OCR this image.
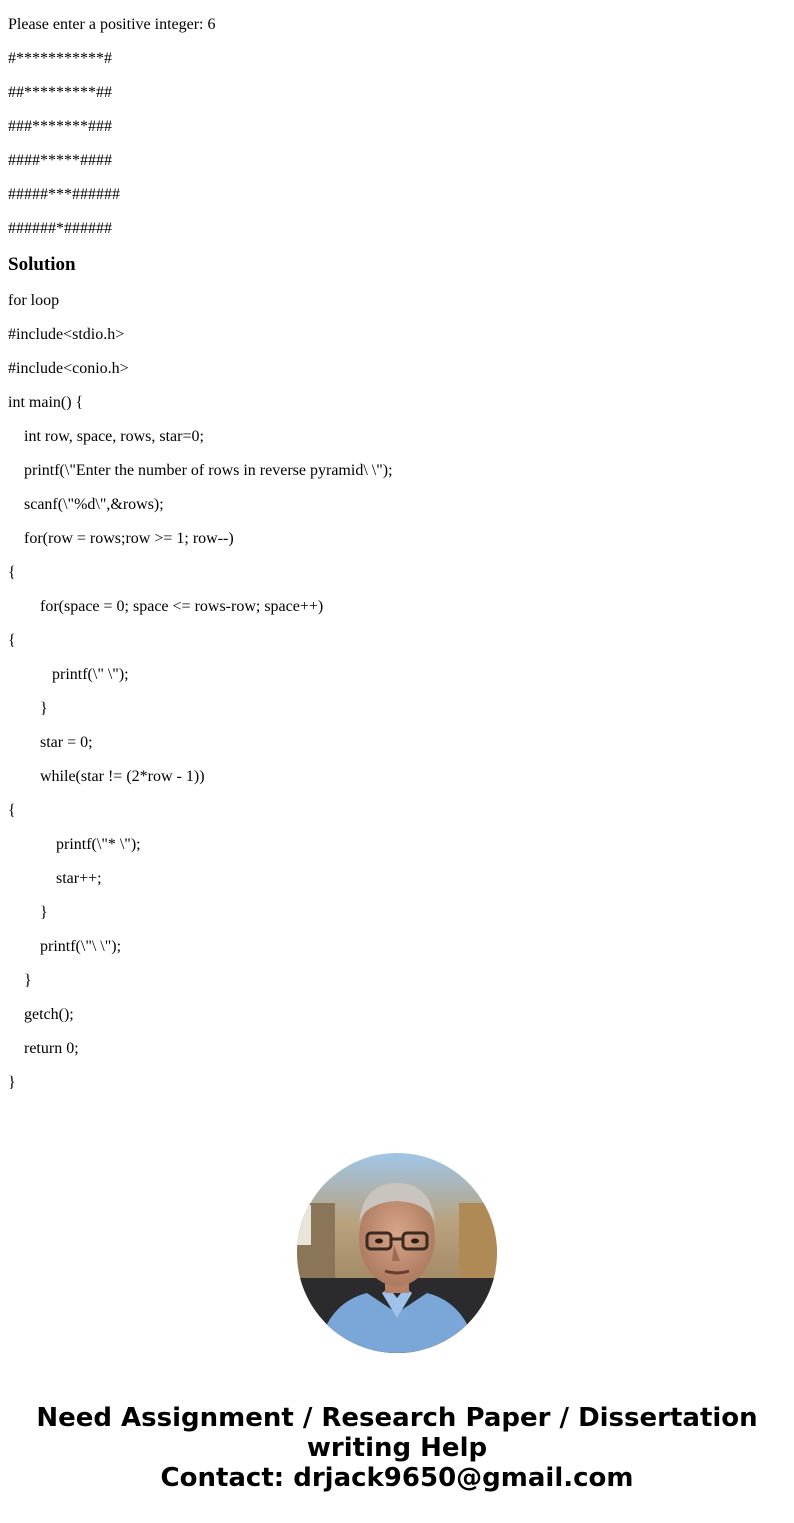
Please enter a positive integer: 6
#***********#
##*********##
###*******###
####*****####
#####***######
######*######
Solution
for loop
#include<stdio.h>
#include<conio.h>
int main() {
int row, space, rows, star=0;
printf(\"Enter the number of rows in reverse pyramid\ \");
scanf(\"%d\",&rows);
for(row = rows;row >= 1; row--)
{
for(space = 0; space <= rows-row; space++)
{
printf(\" \");
}
star = 0;
while(star != (2*row - 1))
{
printf(\"* \");
star++;
}
printf(\"\ \");
}
getch();
return 0;
}
Need Assignment / Research Paper / Dissertation
writing Help
Contact: drjack9650@gmail.com
